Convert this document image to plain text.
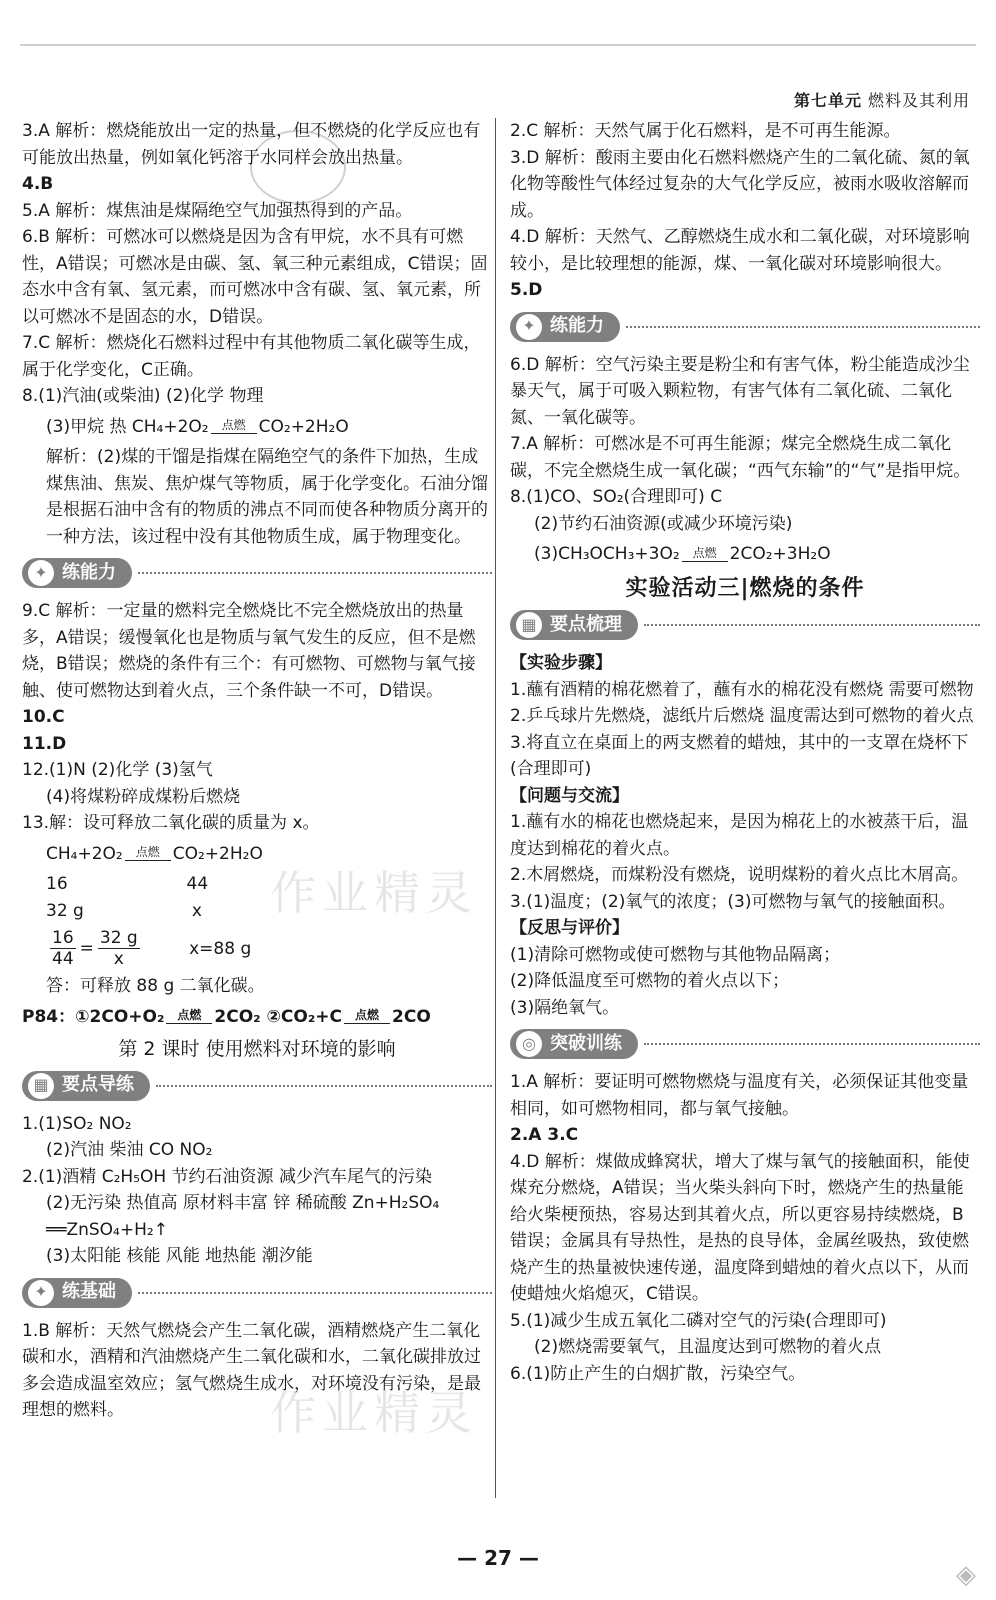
第七单元 燃料及其利用
作业精灵
作业精灵

3.A 解析：燃烧能放出一定的热量，但不燃烧的化学反应也有可能放出热量，例如氧化钙溶于水同样会放出热量。

4.B

5.A 解析：煤焦油是煤隔绝空气加强热得到的产品。

6.B 解析：可燃冰可以燃烧是因为含有甲烷，水不具有可燃性，A错误；可燃冰是由碳、氢、氧三种元素组成，C错误；固态水中含有氧、氢元素，而可燃冰中含有碳、氢、氧元素，所以可燃冰不是固态的水，D错误。

7.C 解析：燃烧化石燃料过程中有其他物质二氧化碳等生成，属于化学变化，C正确。

8.(1)汽油(或柴油) (2)化学 物理

(3)甲烷 热 CH₄+2O₂ 点燃 CO₂+2H₂O

解析：(2)煤的干馏是指煤在隔绝空气的条件下加热，生成煤焦油、焦炭、焦炉煤气等物质，属于化学变化。石油分馏是根据石油中含有的物质的沸点不同而使各种物质分离开的一种方法，该过程中没有其他物质生成，属于物理变化。

✦ 练能力

9.C 解析：一定量的燃料完全燃烧比不完全燃烧放出的热量多，A错误；缓慢氧化也是物质与氧气发生的反应，但不是燃烧，B错误；燃烧的条件有三个：有可燃物、可燃物与氧气接触、使可燃物达到着火点，三个条件缺一不可，D错误。

10.C

11.D

12.(1)N (2)化学 (3)氢气

(4)将煤粉碎成煤粉后燃烧

13.解：设可释放二氧化碳的质量为 x。

CH₄+2O₂ 点燃 CO₂+2H₂O

16                      44

32 g                    x

$\frac{16}{44} = \frac{32 g}{x}$	x=88 g

答：可释放 88 g 二氧化碳。

P84：①2CO+O₂ 点燃 2CO₂ ②CO₂+C 点燃 2CO

第 2 课时 使用燃料对环境的影响

▦ 要点导练

1.(1)SO₂ NO₂

(2)汽油 柴油 CO NO₂

2.(1)酒精 C₂H₅OH 节约石油资源 减少汽车尾气的污染

(2)无污染 热值高 原材料丰富 锌 稀硫酸 Zn+H₂SO₄ ══ZnSO₄+H₂↑

(3)太阳能 核能 风能 地热能 潮汐能

✦ 练基础

1.B 解析：天然气燃烧会产生二氧化碳，酒精燃烧产生二氧化碳和水，酒精和汽油燃烧产生二氧化碳和水，二氧化碳排放过多会造成温室效应；氢气燃烧生成水，对环境没有污染，是最理想的燃料。

2.C 解析：天然气属于化石燃料，是不可再生能源。

3.D 解析：酸雨主要由化石燃料燃烧产生的二氧化硫、氮的氧化物等酸性气体经过复杂的大气化学反应，被雨水吸收溶解而成。

4.D 解析：天然气、乙醇燃烧生成水和二氧化碳，对环境影响较小，是比较理想的能源，煤、一氧化碳对环境影响很大。

5.D

✦ 练能力

6.D 解析：空气污染主要是粉尘和有害气体，粉尘能造成沙尘暴天气，属于可吸入颗粒物，有害气体有二氧化硫、二氧化氮、一氧化碳等。

7.A 解析：可燃冰是不可再生能源；煤完全燃烧生成二氧化碳，不完全燃烧生成一氧化碳；“西气东输”的“气”是指甲烷。

8.(1)CO、SO₂(合理即可) C

(2)节约石油资源(或减少环境污染)

(3)CH₃OCH₃+3O₂ 点燃 2CO₂+3H₂O

实验活动三|燃烧的条件

▦ 要点梳理

【实验步骤】

1.蘸有酒精的棉花燃着了，蘸有水的棉花没有燃烧 需要可燃物

2.乒乓球片先燃烧，滤纸片后燃烧 温度需达到可燃物的着火点

3.将直立在桌面上的两支燃着的蜡烛，其中的一支罩在烧杯下(合理即可)

【问题与交流】

1.蘸有水的棉花也燃烧起来，是因为棉花上的水被蒸干后，温度达到棉花的着火点。

2.木屑燃烧，而煤粉没有燃烧，说明煤粉的着火点比木屑高。

3.(1)温度；(2)氧气的浓度；(3)可燃物与氧气的接触面积。

【反思与评价】

(1)清除可燃物或使可燃物与其他物品隔离；

(2)降低温度至可燃物的着火点以下；

(3)隔绝氧气。

◎ 突破训练

1.A 解析：要证明可燃物燃烧与温度有关，必须保证其他变量相同，如可燃物相同，都与氧气接触。

2.A 3.C

4.D 解析：煤做成蜂窝状，增大了煤与氧气的接触面积，能使煤充分燃烧，A错误；当火柴头斜向下时，燃烧产生的热量能给火柴梗预热，容易达到其着火点，所以更容易持续燃烧，B错误；金属具有导热性，是热的良导体，金属丝吸热，致使燃烧产生的热量被快速传递，温度降到蜡烛的着火点以下，从而使蜡烛火焰熄灭，C错误。

5.(1)减少生成五氧化二磷对空气的污染(合理即可)

(2)燃烧需要氧气，且温度达到可燃物的着火点

6.(1)防止产生的白烟扩散，污染空气。

— 27 —
◈
